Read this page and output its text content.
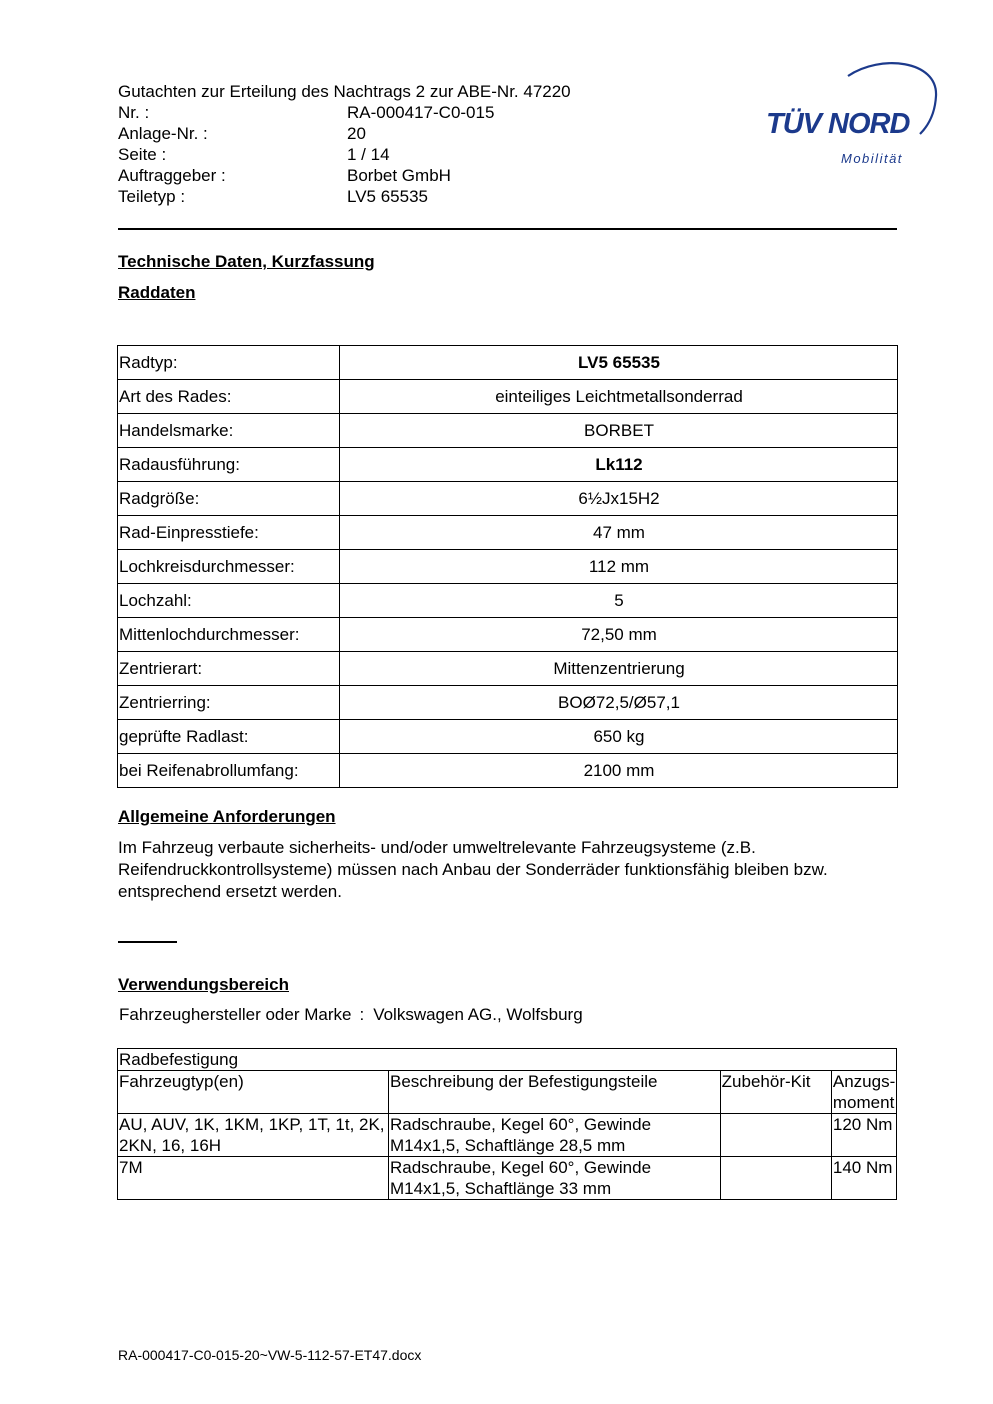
Gutachten zur Erteilung des Nachtrags 2 zur ABE-Nr. 47220
Nr. :	RA-000417-C0-015
Anlage-Nr. :	20
Seite :	1 / 14
Auftraggeber :	Borbet GmbH
Teiletyp :	LV5 65535
TÜV NORD
Mobilität
Technische Daten, Kurzfassung
Raddaten
Radtyp:	LV5 65535
Art des Rades:	einteiliges Leichtmetallsonderrad
Handelsmarke:	BORBET
Radausführung:	Lk112
Radgröße:	6½Jx15H2
Rad-Einpresstiefe:	47 mm
Lochkreisdurchmesser:	112 mm
Lochzahl:	5
Mittenlochdurchmesser:	72,50 mm
Zentrierart:	Mittenzentrierung
Zentrierring:	BOØ72,5/Ø57,1
geprüfte Radlast:	650 kg
bei Reifenabrollumfang:	2100 mm
Allgemeine Anforderungen
Im Fahrzeug verbaute sicherheits- und/oder umweltrelevante Fahrzeugsysteme (z.B. Reifendruckkontrollsysteme) müssen nach Anbau der Sonderräder funktionsfähig bleiben bzw. entsprechend ersetzt werden.
Verwendungsbereich
Fahrzeughersteller oder Marke : Volkswagen AG., Wolfsburg
Radbefestigung			
Fahrzeugtyp(en)	Beschreibung der Befestigungsteile	Zubehör-Kit	Anzugs-moment
AU, AUV, 1K, 1KM, 1KP, 1T, 1t, 2K, 2KN, 16, 16H	Radschraube, Kegel 60°, Gewinde M14x1,5, Schaftlänge 28,5 mm		120 Nm
7M	Radschraube, Kegel 60°, Gewinde M14x1,5, Schaftlänge 33 mm		140 Nm
RA-000417-C0-015-20~VW-5-112-57-ET47.docx
